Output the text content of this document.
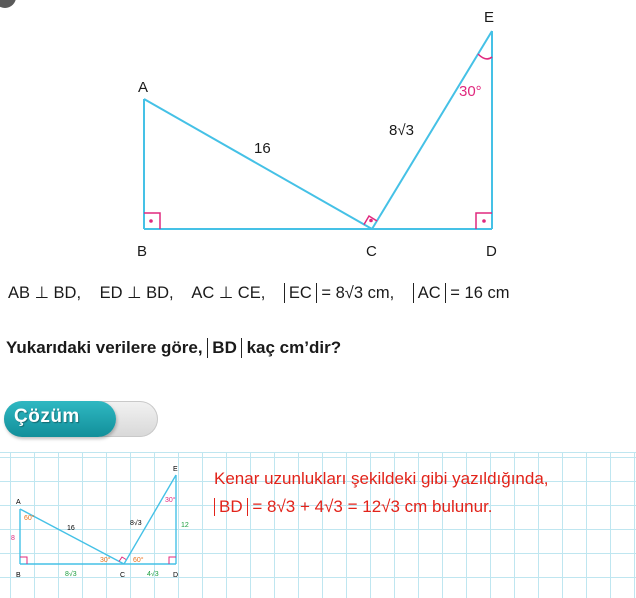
A
B	C	D
E
16
8√3
30°
AB ⊥ BD, ED ⊥ BD, AC ⊥ CE, EC = 8√3 cm, AC = 16 cm
Yukarıdaki verilere göre, BD kaç cm’dir?
Çözüm
A
B	C	D
E
8
16
8√3	12
8√3	4√3
60°
30°
30°	60°
Kenar uzunlukları şekildeki gibi yazıldığında,
BD = 8√3 + 4√3 = 12√3 cm bulunur.
